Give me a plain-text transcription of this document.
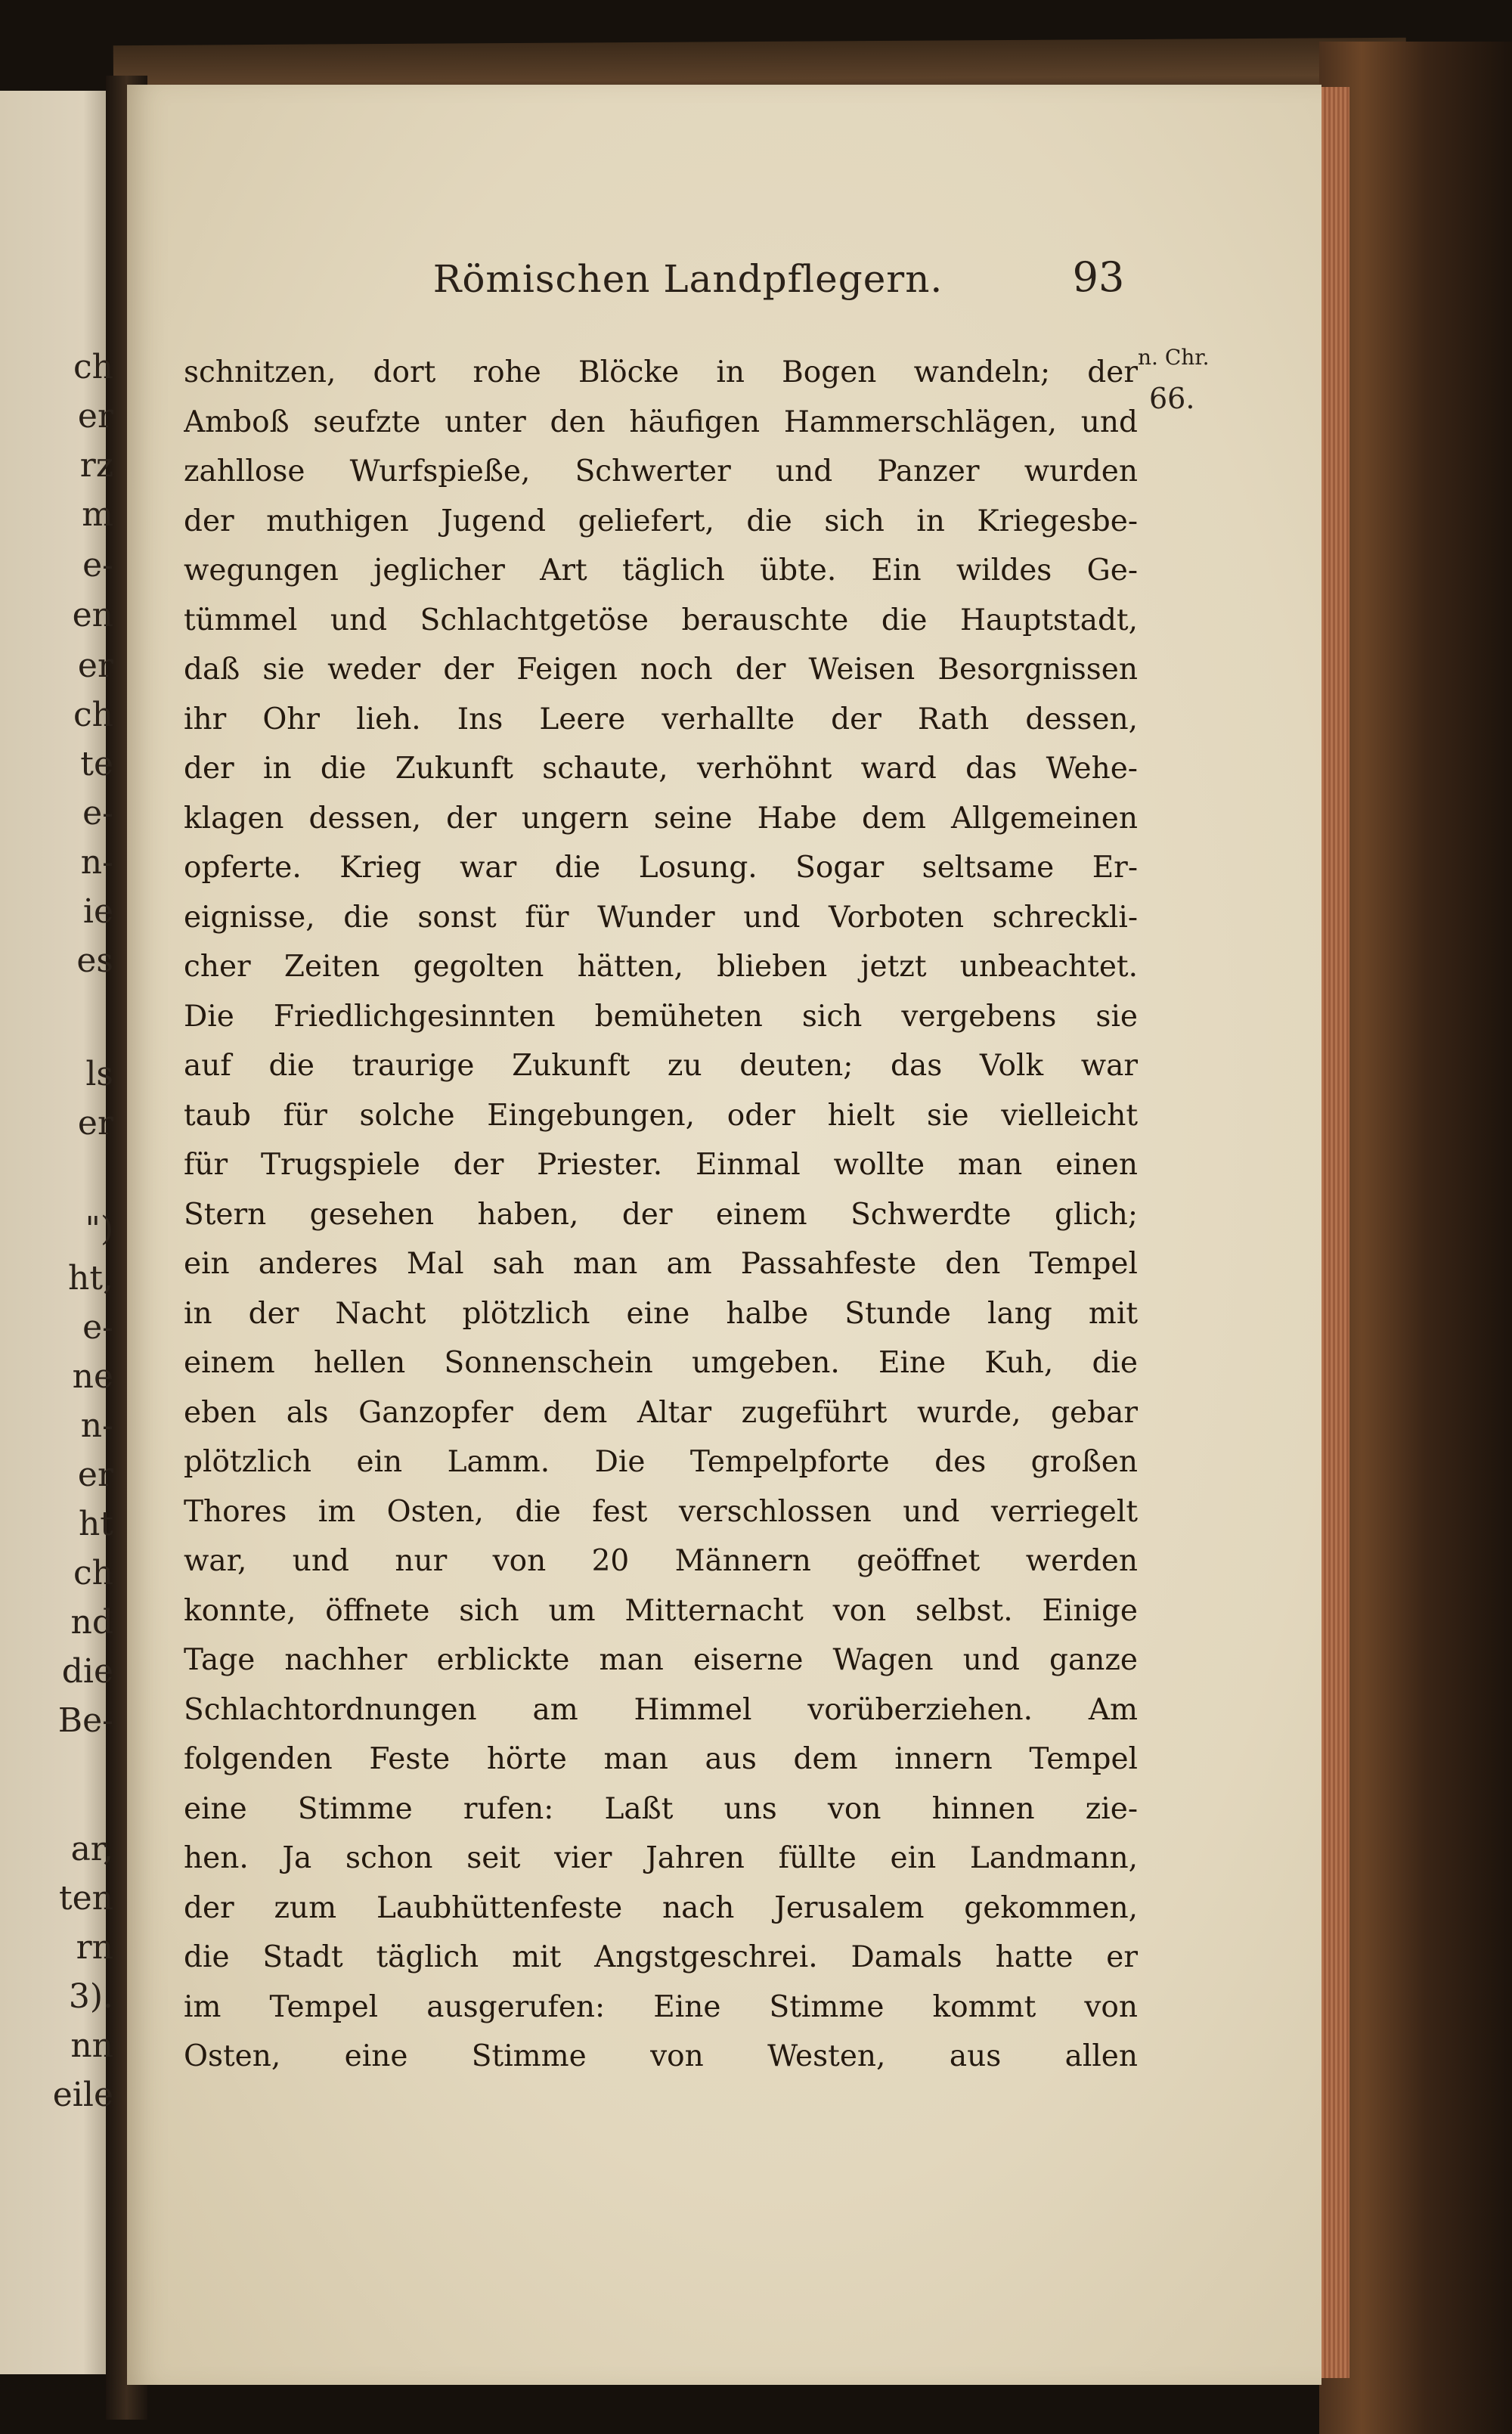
ch
er
rz
m
e-
en
er
ch
te
e-
n-
ie
es
ls
er
")
ht,
e-
ne
n-
er
ht
ch
nd
die
Be-
ar,
ten
rn
3).
nn
eile
Römischen Landpflegern.	93
n. Chr.
66.
schnitzen, dort rohe Blöcke in Bogen wandeln; der
Amboß seufzte unter den häufigen Hammerschlägen, und
zahllose Wurfspieße, Schwerter und Panzer wurden
der muthigen Jugend geliefert, die sich in Kriegesbe-
wegungen jeglicher Art täglich übte. Ein wildes Ge-
tümmel und Schlachtgetöse berauschte die Hauptstadt,
daß sie weder der Feigen noch der Weisen Besorgnissen
ihr Ohr lieh. Ins Leere verhallte der Rath dessen,
der in die Zukunft schaute, verhöhnt ward das Wehe-
klagen dessen, der ungern seine Habe dem Allgemeinen
opferte. Krieg war die Losung. Sogar seltsame Er-
eignisse, die sonst für Wunder und Vorboten schreckli-
cher Zeiten gegolten hätten, blieben jetzt unbeachtet.
Die Friedlichgesinnten bemüheten sich vergebens sie
auf die traurige Zukunft zu deuten; das Volk war
taub für solche Eingebungen, oder hielt sie vielleicht
für Trugspiele der Priester. Einmal wollte man einen
Stern gesehen haben, der einem Schwerdte glich;
ein anderes Mal sah man am Passahfeste den Tempel
in der Nacht plötzlich eine halbe Stunde lang mit
einem hellen Sonnenschein umgeben. Eine Kuh, die
eben als Ganzopfer dem Altar zugeführt wurde, gebar
plötzlich ein Lamm. Die Tempelpforte des großen
Thores im Osten, die fest verschlossen und verriegelt
war, und nur von 20 Männern geöffnet werden
konnte, öffnete sich um Mitternacht von selbst. Einige
Tage nachher erblickte man eiserne Wagen und ganze
Schlachtordnungen am Himmel vorüberziehen. Am
folgenden Feste hörte man aus dem innern Tempel
eine Stimme rufen: Laßt uns von hinnen zie-
hen. Ja schon seit vier Jahren füllte ein Landmann,
der zum Laubhüttenfeste nach Jerusalem gekommen,
die Stadt täglich mit Angstgeschrei. Damals hatte er
im Tempel ausgerufen: Eine Stimme kommt von
Osten, eine Stimme von Westen, aus allen
